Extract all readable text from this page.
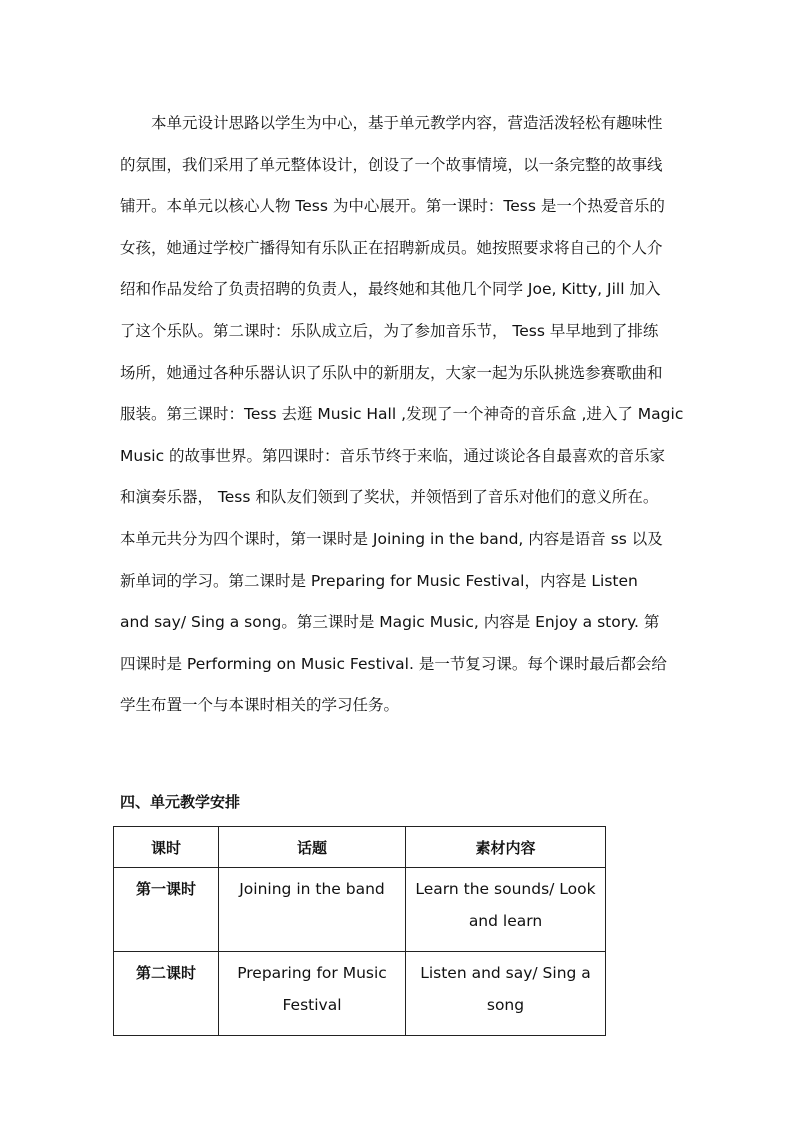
本单元设计思路以学生为中心，基于单元教学内容，营造活泼轻松有趣味性
的氛围，我们采用了单元整体设计，创设了一个故事情境，以一条完整的故事线
铺开。本单元以核心人物 Tess 为中心展开。第一课时：Tess 是一个热爱音乐的
女孩，她通过学校广播得知有乐队正在招聘新成员。她按照要求将自己的个人介
绍和作品发给了负责招聘的负责人，最终她和其他几个同学 Joe, Kitty, Jill 加入
了这个乐队。第二课时：乐队成立后，为了参加音乐节， Tess 早早地到了排练
场所，她通过各种乐器认识了乐队中的新朋友，大家一起为乐队挑选参赛歌曲和
服装。第三课时：Tess 去逛 Music Hall ,发现了一个神奇的音乐盒 ,进入了 Magic
Music 的故事世界。第四课时：音乐节终于来临，通过谈论各自最喜欢的音乐家
和演奏乐器， Tess 和队友们领到了奖状，并领悟到了音乐对他们的意义所在。
本单元共分为四个课时，第一课时是 Joining in the band, 内容是语音 ss 以及
新单词的学习。第二课时是 Preparing for Music Festival，内容是 Listen
and say/ Sing a song。第三课时是 Magic Music, 内容是 Enjoy a story. 第
四课时是 Performing on Music Festival. 是一节复习课。每个课时最后都会给
学生布置一个与本课时相关的学习任务。
四、单元教学安排
课时	话题	素材内容
第一课时	Joining in the band	Learn the sounds/ Look
and learn

第二课时	Preparing for Music
Festival	Listen and say/ Sing a
song
